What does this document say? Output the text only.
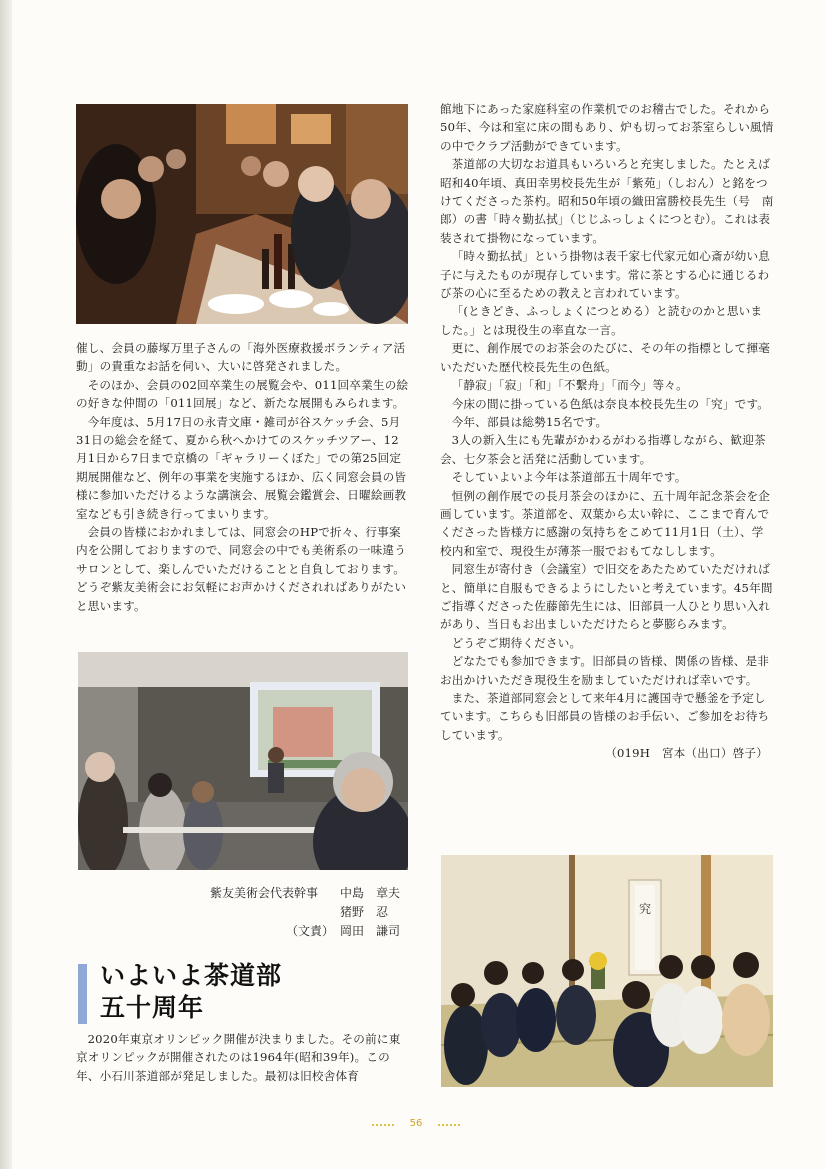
催し、会員の藤塚万里子さんの「海外医療救援ボランティア活動」の貴重なお話を伺い、大いに啓発されました。

そのほか、会員の02回卒業生の展覧会や、011回卒業生の絵の好きな仲間の「011回展」など、新たな展開もみられます。

今年度は、5月17日の永青文庫・雑司が谷スケッチ会、5月31日の総会を経て、夏から秋へかけてのスケッチツアー、12月1日から7日まで京橋の「ギャラリーくぼた」での第25回定期展開催など、例年の事業を実施するほか、広く同窓会員の皆様に参加いただけるような講演会、展覧会鑑賞会、日曜絵画教室なども引き続き行ってまいります。

会員の皆様におかれましては、同窓会のHPで折々、行事案内を公開しておりますので、同窓会の中でも美術系の一味違うサロンとして、楽しんでいただけることと自負しております。どうぞ紫友美術会にお気軽にお声かけくだされればありがたいと思います。

紫友美術会代表幹事	中島　章夫
猪野　忍
（文責） 岡田　謙司
いよいよ茶道部
五十周年

2020年東京オリンピック開催が決まりました。その前に東京オリンピックが開催されたのは1964年(昭和39年)。この年、小石川茶道部が発足しました。最初は旧校舎体育

館地下にあった家庭科室の作業机でのお稽古でした。それから50年、今は和室に床の間もあり、炉も切ってお茶室らしい風情の中でクラブ活動ができています。

茶道部の大切なお道具もいろいろと充実しました。たとえば昭和40年頃、真田幸男校長先生が「紫苑」（しおん）と銘をつけてくださった茶杓。昭和50年頃の織田富勝校長先生（号　南郎）の書「時々勤払拭」（じじふっしょくにつとむ）。これは表装されて掛物になっています。

「時々勤払拭」という掛物は表千家七代家元如心斎が幼い息子に与えたものが現存しています。常に茶とする心に通じるわび茶の心に至るための教えと言われています。

「(ときどき、ふっしょくにつとめる）と読むのかと思いました。」とは現役生の率直な一言。

更に、創作展でのお茶会のたびに、その年の指標として揮毫いただいた歴代校長先生の色紙。

「静寂」「寂」「和」「不繫舟」「而今」等々。

今床の間に掛っている色紙は奈良本校長先生の「究」です。

今年、部員は総勢15名です。

3人の新入生にも先輩がかわるがわる指導しながら、歓迎茶会、七夕茶会と活発に活動しています。

そしていよいよ今年は茶道部五十周年です。

恒例の創作展での長月茶会のほかに、五十周年記念茶会を企画しています。茶道部を、双葉から太い幹に、ここまで育んでくださった皆様方に感謝の気持ちをこめて11月1日（土）、学校内和室で、現役生が薄茶一服でおもてなしします。

同窓生が寄付き（会議室）で旧交をあたためていただければと、簡単に自服もできるようにしたいと考えています。45年間ご指導くださった佐藤節先生には、旧部員一人ひとり思い入れがあり、当日もお出ましいただけたらと夢膨らみます。

どうぞご期待ください。

どなたでも参加できます。旧部員の皆様、関係の皆様、是非お出かけいただき現役生を励ましていただければ幸いです。

また、茶道部同窓会として来年4月に護国寺で懸釜を予定しています。こちらも旧部員の皆様のお手伝い、ご参加をお待ちしています。

（019H　宮本（出口）啓子）

究
56
